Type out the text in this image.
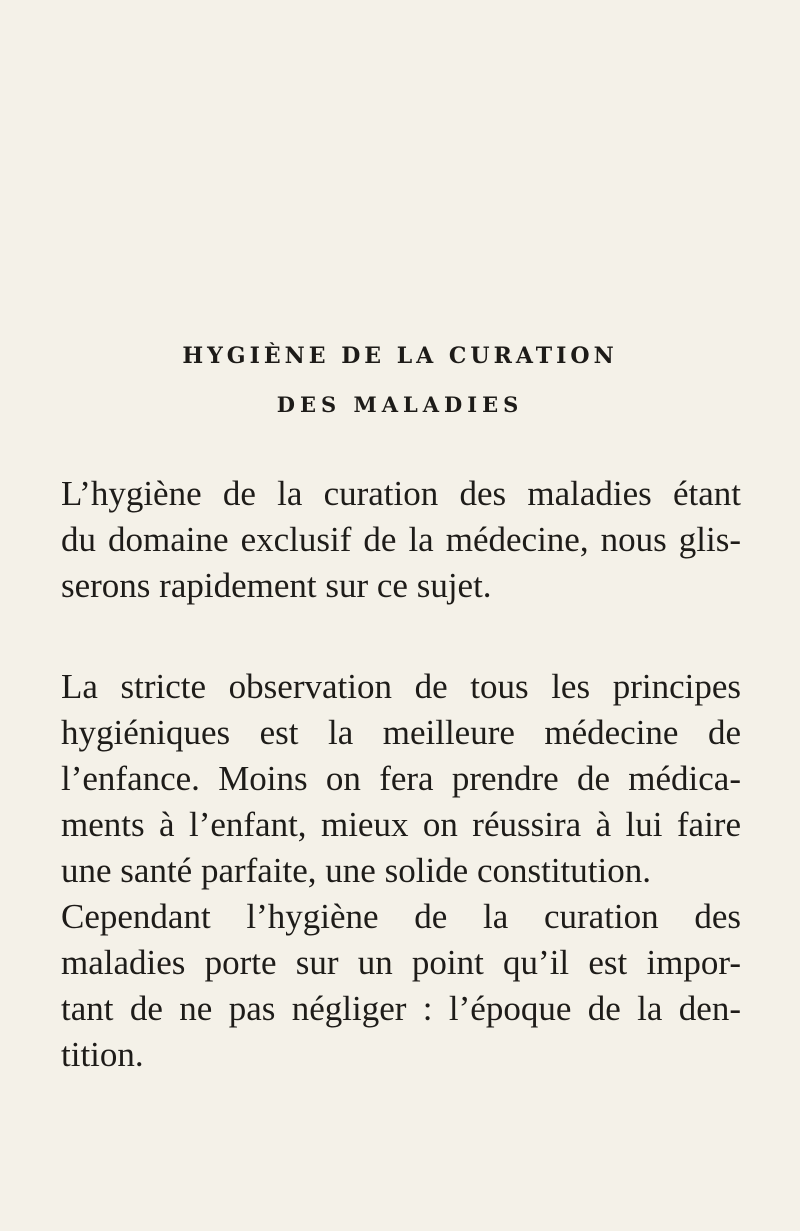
HYGIÈNE DE LA CURATION
DES MALADIES

L’hygiène de la curation des maladies étant
du domaine exclusif de la médecine, nous glis-
serons rapidement sur ce sujet.

La stricte observation de tous les principes
hygiéniques est la meilleure médecine de
l’enfance. Moins on fera prendre de médica-
ments à l’enfant, mieux on réussira à lui faire
une santé parfaite, une solide constitution.

Cependant l’hygiène de la curation des
maladies porte sur un point qu’il est impor-
tant de ne pas négliger : l’époque de la den-
tition.
